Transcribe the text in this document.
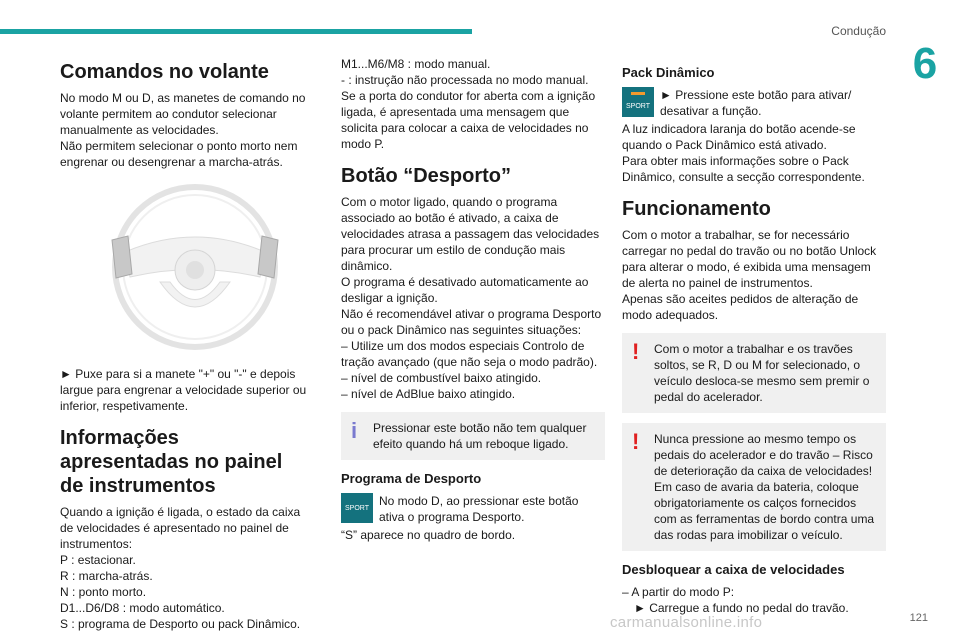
Condução
6
Comandos no volante

No modo M ou D, as manetes de comando no volante permitem ao condutor selecionar manualmente as velocidades.

Não permitem selecionar o ponto morto nem engrenar ou desengrenar a marcha-atrás.

► Puxe para si a manete "+" ou "-" e depois largue para engrenar a velocidade superior ou inferior, respetivamente.

Informações apresentadas no painel de instrumentos

Quando a ignição é ligada, o estado da caixa de velocidades é apresentado no painel de instrumentos:

P : estacionar.

R : marcha-atrás.

N : ponto morto.

D1...D6/D8 : modo automático.

S : programa de Desporto ou pack Dinâmico.

M1...M6/M8 : modo manual.

- : instrução não processada no modo manual.

Se a porta do condutor for aberta com a ignição ligada, é apresentada uma mensagem que solicita para colocar a caixa de velocidades no modo P.

Botão “Desporto”

Com o motor ligado, quando o programa associado ao botão é ativado, a caixa de velocidades atrasa a passagem das velocidades para procurar um estilo de condução mais dinâmico.

O programa é desativado automaticamente ao desligar a ignição.

Não é recomendável ativar o programa Desporto ou o pack Dinâmico nas seguintes situações:

– Utilize um dos modos especiais Controlo de tração avançado (que não seja o modo padrão).

– nível de combustível baixo atingido.

– nível de AdBlue baixo atingido.

i Pressionar este botão não tem qualquer efeito quando há um reboque ligado.

Programa de Desporto
SPORT No modo D, ao pressionar este botão ativa o programa Desporto.

“S” aparece no quadro de bordo.

Pack Dinâmico
SPORT

► Pressione este botão para ativar/ desativar a função.

A luz indicadora laranja do botão acende-se quando o Pack Dinâmico está ativado.

Para obter mais informações sobre o Pack Dinâmico, consulte a secção correspondente.

Funcionamento

Com o motor a trabalhar, se for necessário carregar no pedal do travão ou no botão Unlock para alterar o modo, é exibida uma mensagem de alerta no painel de instrumentos.

Apenas são aceites pedidos de alteração de modo adequados.

! Com o motor a trabalhar e os travões soltos, se R, D ou M for selecionado, o veículo desloca-se mesmo sem premir o pedal do acelerador.

! Nunca pressione ao mesmo tempo os pedais do acelerador e do travão – Risco de deterioração da caixa de velocidades!

Em caso de avaria da bateria, coloque obrigatoriamente os calços fornecidos com as ferramentas de bordo contra uma das rodas para imobilizar o veículo.

Desbloquear a caixa de velocidades

– A partir do modo P:

► Carregue a fundo no pedal do travão.

carmanualsonline.info	121
